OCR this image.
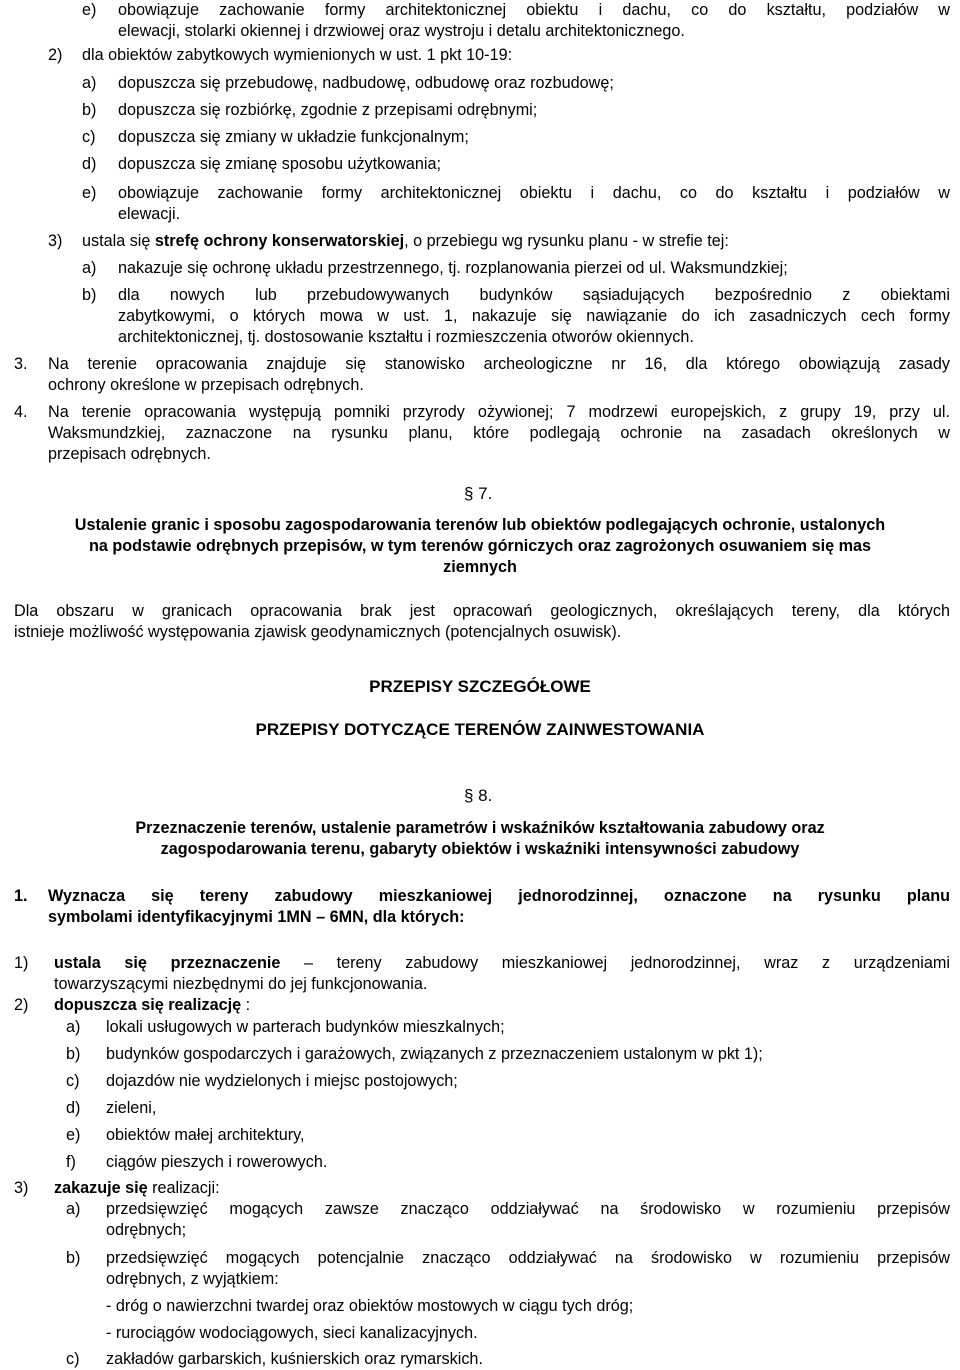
e) obowiązuje zachowanie formy architektonicznej obiektu i dachu, co do kształtu, podziałów w
elewacji, stolarki okiennej i drzwiowej oraz wystroju i detalu architektonicznego.
2) dla obiektów zabytkowych wymienionych w ust. 1 pkt 10-19:
a) dopuszcza się przebudowę, nadbudowę, odbudowę oraz rozbudowę;
b) dopuszcza się rozbiórkę, zgodnie z przepisami odrębnymi;
c) dopuszcza się zmiany w układzie funkcjonalnym;
d) dopuszcza się zmianę sposobu użytkowania;
e) obowiązuje zachowanie formy architektonicznej obiektu i dachu, co do kształtu i podziałów w
elewacji.
3) ustala się strefę ochrony konserwatorskiej, o przebiegu wg rysunku planu - w strefie tej:
a) nakazuje się ochronę układu przestrzennego, tj. rozplanowania pierzei od ul. Waksmundzkiej;
b) dla nowych lub przebudowywanych budynków sąsiadujących bezpośrednio z obiektami
zabytkowymi, o których mowa w ust. 1, nakazuje się nawiązanie do ich zasadniczych cech formy
architektonicznej, tj. dostosowanie kształtu i rozmieszczenia otworów okiennych.
3. Na terenie opracowania znajduje się stanowisko archeologiczne nr 16, dla którego obowiązują zasady
ochrony określone w przepisach odrębnych.
4. Na terenie opracowania występują pomniki przyrody ożywionej; 7 modrzewi europejskich, z grupy 19, przy ul.
Waksmundzkiej, zaznaczone na rysunku planu, które podlegają ochronie na zasadach określonych w
przepisach odrębnych.
§ 7.
Ustalenie granic i sposobu zagospodarowania terenów lub obiektów podlegających ochronie, ustalonych
na podstawie odrębnych przepisów, w tym terenów górniczych oraz zagrożonych osuwaniem się mas
ziemnych
Dla obszaru w granicach opracowania brak jest opracowań geologicznych, określających tereny, dla których
istnieje możliwość występowania zjawisk geodynamicznych (potencjalnych osuwisk).
PRZEPISY SZCZEGÓŁOWE
PRZEPISY DOTYCZĄCE TERENÓW ZAINWESTOWANIA
§ 8.
Przeznaczenie terenów, ustalenie parametrów i wskaźników kształtowania zabudowy oraz
zagospodarowania terenu, gabaryty obiektów i wskaźniki intensywności zabudowy
1. Wyznacza się tereny zabudowy mieszkaniowej jednorodzinnej, oznaczone na rysunku planu
symbolami identyfikacyjnymi 1MN – 6MN, dla których:
1) ustala się przeznaczenie – tereny zabudowy mieszkaniowej jednorodzinnej, wraz z urządzeniami
towarzyszącymi niezbędnymi do jej funkcjonowania.
2) dopuszcza się realizację :
a) lokali usługowych w parterach budynków mieszkalnych;
b) budynków gospodarczych i garażowych, związanych z przeznaczeniem ustalonym w pkt 1);
c) dojazdów nie wydzielonych i miejsc postojowych;
d) zieleni,
e) obiektów małej architektury,
f) ciągów pieszych i rowerowych.
3) zakazuje się realizacji:
a) przedsięwzięć mogących zawsze znacząco oddziaływać na środowisko w rozumieniu przepisów
odrębnych;
b) przedsięwzięć mogących potencjalnie znacząco oddziaływać na środowisko w rozumieniu przepisów
odrębnych, z wyjątkiem:
- dróg o nawierzchni twardej oraz obiektów mostowych w ciągu tych dróg;
- rurociągów wodociągowych, sieci kanalizacyjnych.
c) zakładów garbarskich, kuśnierskich oraz rymarskich.
